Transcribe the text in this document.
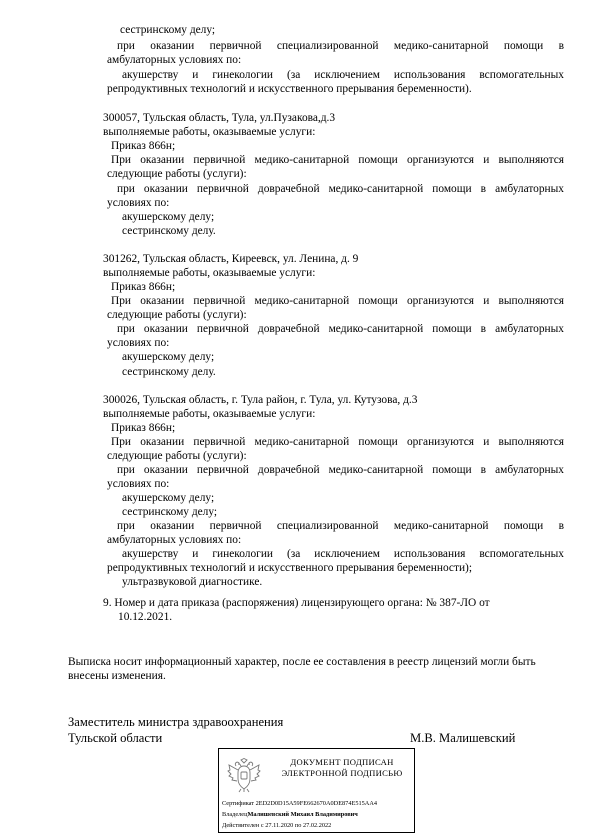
сестринскому делу;
при оказании первичной специализированной медико-санитарной помощи в
амбулаторных условиях по:
акушерству и гинекологии (за исключением использования вспомогательных
репродуктивных технологий и искусственного прерывания беременности).
300057, Тульская область, Тула, ул.Пузакова,д.3
выполняемые работы, оказываемые услуги:
Приказ 866н;
При оказании первичной медико-санитарной помощи организуются и выполняются
следующие работы (услуги):
при оказании первичной доврачебной медико-санитарной помощи в амбулаторных
условиях по:
акушерскому делу;
сестринскому делу.
301262, Тульская область, Киреевск, ул. Ленина, д. 9
выполняемые работы, оказываемые услуги:
Приказ 866н;
При оказании первичной медико-санитарной помощи организуются и выполняются
следующие работы (услуги):
при оказании первичной доврачебной медико-санитарной помощи в амбулаторных
условиях по:
акушерскому делу;
сестринскому делу.
300026, Тульская область, г. Тула район, г. Тула, ул. Кутузова, д.3
выполняемые работы, оказываемые услуги:
Приказ 866н;
При оказании первичной медико-санитарной помощи организуются и выполняются
следующие работы (услуги):
при оказании первичной доврачебной медико-санитарной помощи в амбулаторных
условиях по:
акушерскому делу;
сестринскому делу;
при оказании первичной специализированной медико-санитарной помощи в
амбулаторных условиях по:
акушерству и гинекологии (за исключением использования вспомогательных
репродуктивных технологий и искусственного прерывания беременности);
ультразвуковой диагностике.
9. Номер и дата приказа (распоряжения) лицензирующего органа: № 387-ЛО от
10.12.2021.
Выписка носит информационный характер, после ее составления в реестр лицензий могли быть
внесены изменения.
Заместитель министра здравоохранения
Тульской области	М.В. Малишевский
ДОКУМЕНТ ПОДПИСАН
ЭЛЕКТРОННОЙ ПОДПИСЬЮ
Сертификат 2ED2D0D15A59FE662670A0DE874E515AA4
ВладелецМалишевский Михаил Владимирович
Действителен с 27.11.2020 по 27.02.2022
